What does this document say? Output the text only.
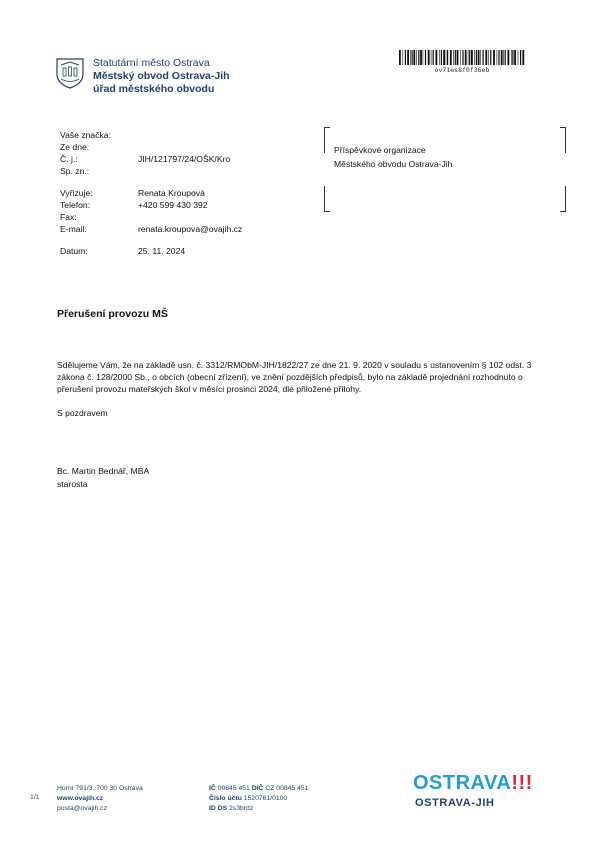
Statutární město Ostrava
Městský obvod Ostrava-Jih
úřad městského obvodu
ov71es8f0f36eb
Vaše značka:
Ze dne:
Č. j.:	JIH/121797/24/OŠK/Kro
Sp. zn.:
Vyřizuje:	Renata Kroupová
Telefon:	+420 599 430 392
Fax:
E-mail:	renata.kroupova@ovajih.cz
Datum:	25. 11. 2024
Příspěvkové organizace
Městského obvodu Ostrava-Jih
Přerušení provozu MŠ
Sdělujeme Vám, že na základě usn. č. 3312/RMObM-JIH/1822/27 ze dne 21. 9. 2020 v souladu s ustanovením § 102 odst. 3 zákona č. 128/2000 Sb., o obcích (obecní zřízení), ve znění pozdějších předpisů, bylo na základě projednání rozhodnuto o přerušení provozu mateřských škol v měsíci prosinci 2024, dle přiložené přílohy.
S pozdravem
Bc. Martin Bednář, MBA
starosta
1/1
Horní 791/3, 700 30 Ostrava
www.ovajih.cz
posta@ovajih.cz
IČ 00845 451 DIČ CZ 00845 451
Číslo účtu 1520761/0100
ID DS 2s3brdz
OSTRAVA!!!
OSTRAVA-JIH
